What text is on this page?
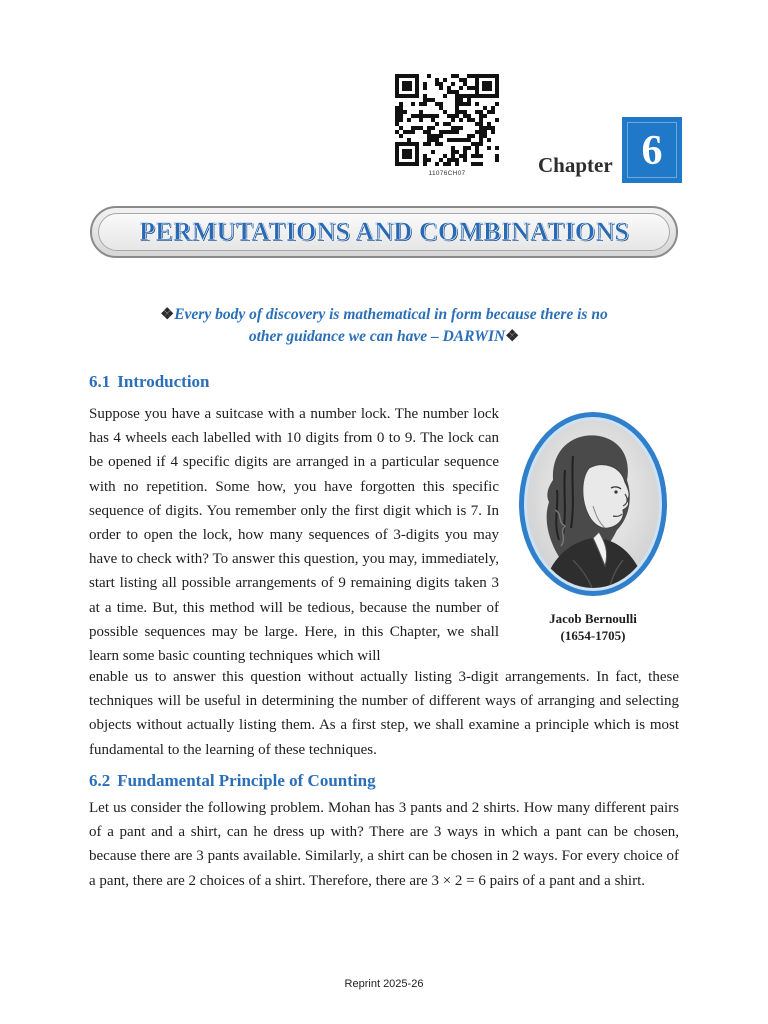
11076CH07	Chapter 6
PERMUTATIONS AND COMBINATIONS
❖Every body of discovery is mathematical in form because there is no
other guidance we can have – DARWIN❖
6.1 Introduction
Suppose you have a suitcase with a number lock. The number lock has 4 wheels each labelled with 10 digits from 0 to 9. The lock can be opened if 4 specific digits are arranged in a particular sequence with no repetition. Some how, you have forgotten this specific sequence of digits. You remember only the first digit which is 7. In order to open the lock, how many sequences of 3-digits you may have to check with? To answer this question, you may, immediately, start listing all possible arrangements of 9 remaining digits taken 3 at a time. But, this method will be tedious, because the number of possible sequences may be large. Here, in this Chapter, we shall learn some basic counting techniques which will
Jacob Bernoulli
(1654-1705)
enable us to answer this question without actually listing 3-digit arrangements. In fact, these techniques will be useful in determining the number of different ways of arranging and selecting objects without actually listing them. As a first step, we shall examine a principle which is most fundamental to the learning of these techniques.
6.2 Fundamental Principle of Counting
Let us consider the following problem. Mohan has 3 pants and 2 shirts. How many different pairs of a pant and a shirt, can he dress up with? There are 3 ways in which a pant can be chosen, because there are 3 pants available. Similarly, a shirt can be chosen in 2 ways. For every choice of a pant, there are 2 choices of a shirt. Therefore, there are 3 × 2 = 6 pairs of a pant and a shirt.
Reprint 2025-26
